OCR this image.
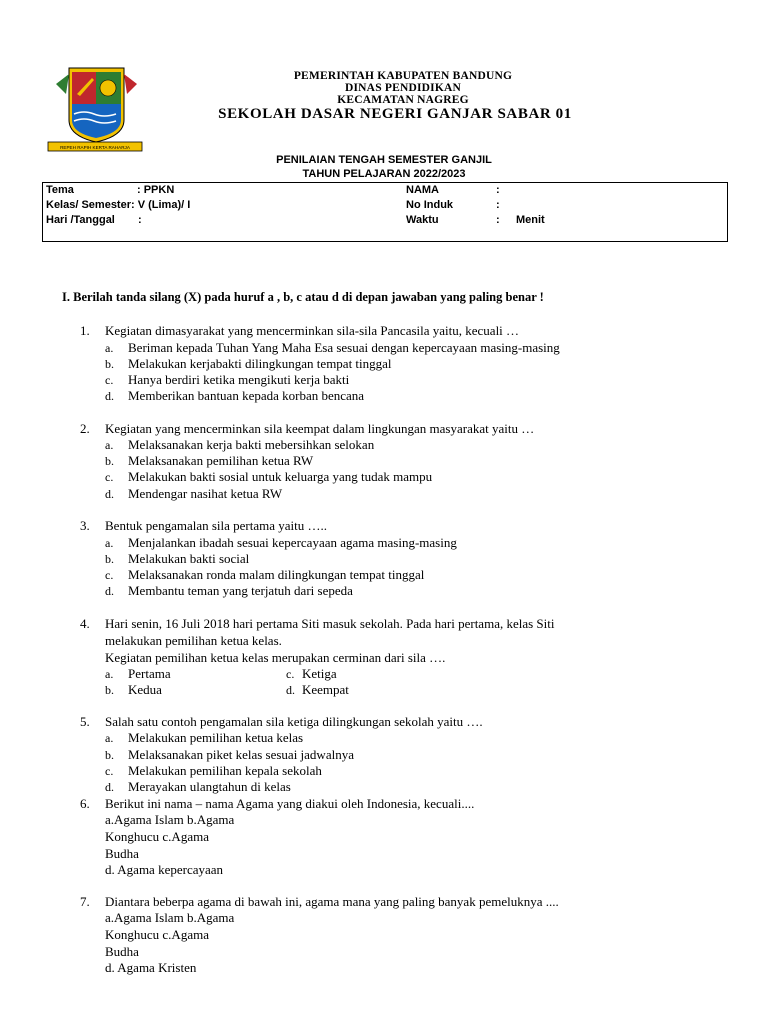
REPEH RAPIH KERTA RAHARJA
PEMERINTAH KABUPATEN BANDUNG
DINAS PENDIDIKAN
KECAMATAN NAGREG
SEKOLAH DASAR NEGERI GANJAR SABAR 01
PENILAIAN TENGAH SEMESTER GANJIL
TAHUN PELAJARAN 2022/2023
Tema	: PPKN
Kelas/ Semester: V (Lima)/ I
Hari /Tanggal :
NAMA	:
No Induk	:
Waktu	: Menit
I. Berilah tanda silang (X) pada huruf a , b, c atau d di depan jawaban yang paling benar !
1. Kegiatan dimasyarakat yang mencerminkan sila-sila Pancasila yaitu, kecuali …
a. Beriman kepada Tuhan Yang Maha Esa sesuai dengan kepercayaan masing-masing
b. Melakukan kerjabakti dilingkungan tempat tinggal
c. Hanya berdiri ketika mengikuti kerja bakti
d. Memberikan bantuan kepada korban bencana
2. Kegiatan yang mencerminkan sila keempat dalam lingkungan masyarakat yaitu …
a. Melaksanakan kerja bakti mebersihkan selokan
b. Melaksanakan pemilihan ketua RW
c. Melakukan bakti sosial untuk keluarga yang tudak mampu
d. Mendengar nasihat ketua RW
3. Bentuk pengamalan sila pertama yaitu …..
a. Menjalankan ibadah sesuai kepercayaan agama masing-masing
b. Melakukan bakti social
c. Melaksanakan ronda malam dilingkungan tempat tinggal
d. Membantu teman yang terjatuh dari sepeda
4. Hari senin, 16 Juli 2018 hari pertama Siti masuk sekolah. Pada hari pertama, kelas Siti
melakukan pemilihan ketua kelas.
Kegiatan pemilihan ketua kelas merupakan cerminan dari sila ….
a. Pertama	c. Ketiga
b. Kedua	d. Keempat
5. Salah satu contoh pengamalan sila ketiga dilingkungan sekolah yaitu ….
a. Melakukan pemilihan ketua kelas
b. Melaksanakan piket kelas sesuai jadwalnya
c. Melakukan pemilihan kepala sekolah
d. Merayakan ulangtahun di kelas
6. Berikut ini nama – nama Agama yang diakui oleh Indonesia, kecuali....
a.Agama Islam b.Agama
Konghucu c.Agama
Budha
d. Agama kepercayaan
7. Diantara beberpa agama di bawah ini, agama mana yang paling banyak pemeluknya ....
a.Agama Islam b.Agama
Konghucu c.Agama
Budha
d. Agama Kristen
